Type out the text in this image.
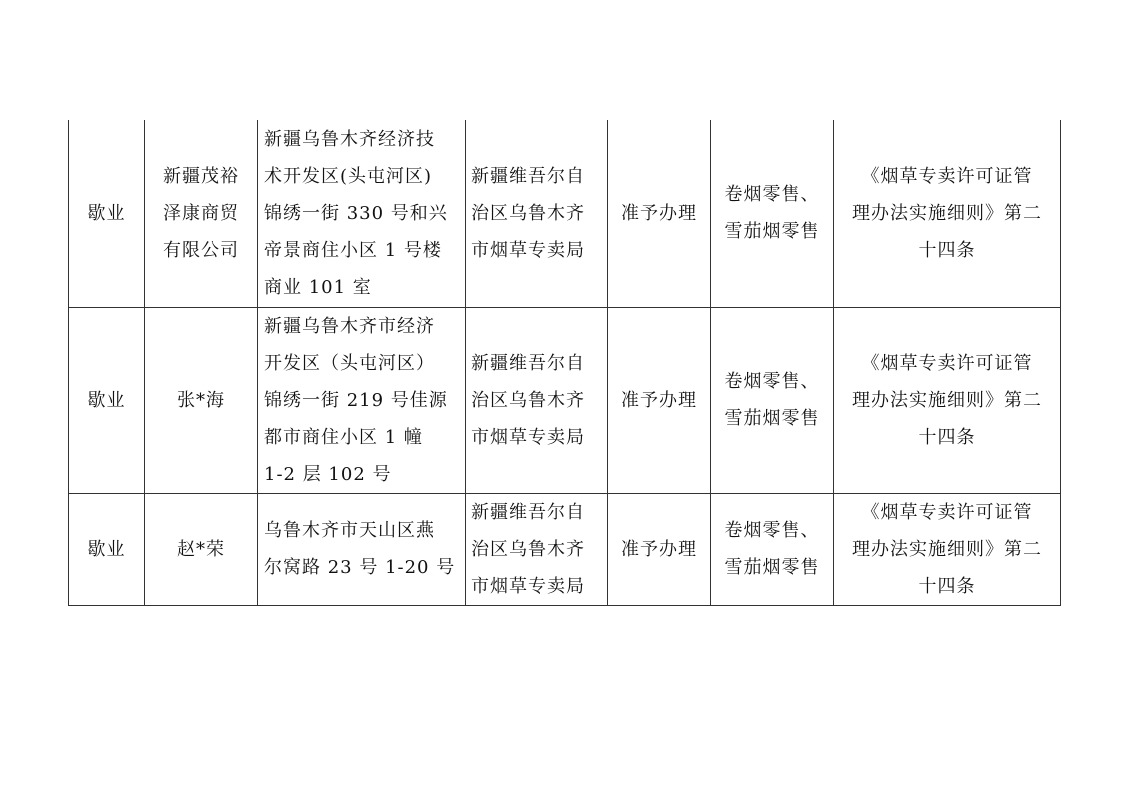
歇业	新疆茂裕
泽康商贸
有限公司	新疆乌鲁木齐经济技
术开发区(头屯河区)
锦绣一街 330 号和兴
帝景商住小区 1 号楼
商业 101 室	新疆维吾尔自
治区乌鲁木齐
市烟草专卖局	准予办理	卷烟零售、
雪茄烟零售	《烟草专卖许可证管
理办法实施细则》第二
十四条

歇业	张*海	新疆乌鲁木齐市经济
开发区（头屯河区）
锦绣一街 219 号佳源
都市商住小区 1 幢
1-2 层 102 号	新疆维吾尔自
治区乌鲁木齐
市烟草专卖局	准予办理	卷烟零售、
雪茄烟零售	《烟草专卖许可证管
理办法实施细则》第二
十四条

歇业	赵*荣	乌鲁木齐市天山区燕
尔窝路 23 号 1-20 号	新疆维吾尔自
治区乌鲁木齐
市烟草专卖局	准予办理	卷烟零售、
雪茄烟零售	《烟草专卖许可证管
理办法实施细则》第二
十四条
